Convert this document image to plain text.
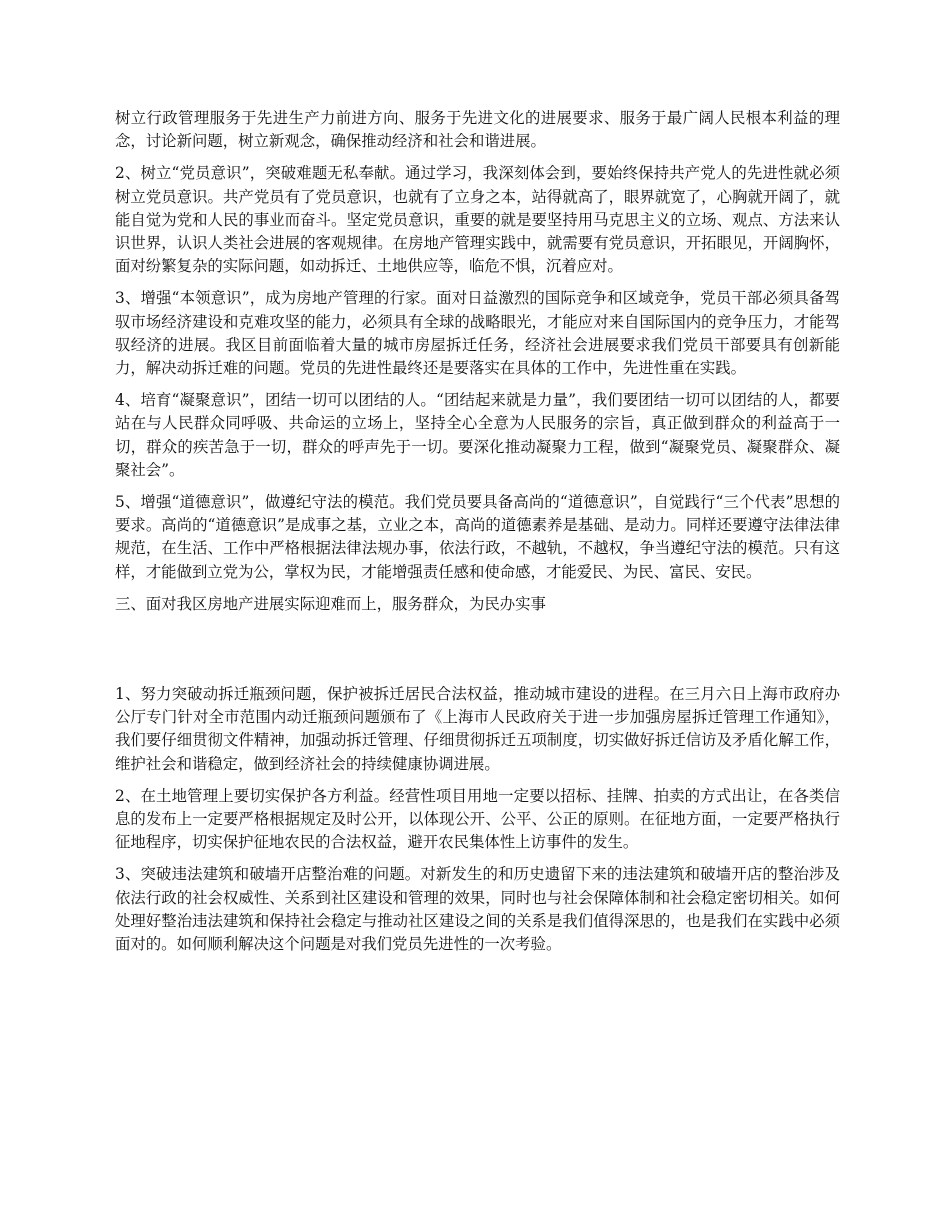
树立行政管理服务于先进生产力前进方向、服务于先进文化的进展要求、服务于最广阔人民根本利益的理念，讨论新问题，树立新观念，确保推动经济和社会和谐进展。

2、树立“党员意识”，突破难题无私奉献。通过学习，我深刻体会到，要始终保持共产党人的先进性就必须树立党员意识。共产党员有了党员意识，也就有了立身之本，站得就高了，眼界就宽了，心胸就开阔了，就能自觉为党和人民的事业而奋斗。坚定党员意识，重要的就是要坚持用马克思主义的立场、观点、方法来认识世界，认识人类社会进展的客观规律。在房地产管理实践中，就需要有党员意识，开拓眼见，开阔胸怀，面对纷繁复杂的实际问题，如动拆迁、土地供应等，临危不惧，沉着应对。

3、增强“本领意识”，成为房地产管理的行家。面对日益激烈的国际竞争和区域竞争，党员干部必须具备驾驭市场经济建设和克难攻坚的能力，必须具有全球的战略眼光，才能应对来自国际国内的竞争压力，才能驾驭经济的进展。我区目前面临着大量的城市房屋拆迁任务，经济社会进展要求我们党员干部要具有创新能力，解决动拆迁难的问题。党员的先进性最终还是要落实在具体的工作中，先进性重在实践。

4、培育“凝聚意识”，团结一切可以团结的人。“团结起来就是力量”，我们要团结一切可以团结的人，都要站在与人民群众同呼吸、共命运的立场上，坚持全心全意为人民服务的宗旨，真正做到群众的利益高于一切，群众的疾苦急于一切，群众的呼声先于一切。要深化推动凝聚力工程，做到“凝聚党员、凝聚群众、凝聚社会”。

5、增强“道德意识”，做遵纪守法的模范。我们党员要具备高尚的“道德意识”，自觉践行“三个代表”思想的要求。高尚的“道德意识”是成事之基，立业之本，高尚的道德素养是基础、是动力。同样还要遵守法律法律规范，在生活、工作中严格根据法律法规办事，依法行政，不越轨，不越权，争当遵纪守法的模范。只有这样，才能做到立党为公，掌权为民，才能增强责任感和使命感，才能爱民、为民、富民、安民。

三、面对我区房地产进展实际迎难而上，服务群众，为民办实事

1、努力突破动拆迁瓶颈问题，保护被拆迁居民合法权益，推动城市建设的进程。在三月六日上海市政府办公厅专门针对全市范围内动迁瓶颈问题颁布了《上海市人民政府关于进一步加强房屋拆迁管理工作通知》，我们要仔细贯彻文件精神，加强动拆迁管理、仔细贯彻拆迁五项制度，切实做好拆迁信访及矛盾化解工作，维护社会和谐稳定，做到经济社会的持续健康协调进展。

2、在土地管理上要切实保护各方利益。经营性项目用地一定要以招标、挂牌、拍卖的方式出让，在各类信息的发布上一定要严格根据规定及时公开，以体现公开、公平、公正的原则。在征地方面，一定要严格执行征地程序，切实保护征地农民的合法权益，避开农民集体性上访事件的发生。

3、突破违法建筑和破墙开店整治难的问题。对新发生的和历史遗留下来的违法建筑和破墙开店的整治涉及依法行政的社会权威性、关系到社区建设和管理的效果，同时也与社会保障体制和社会稳定密切相关。如何处理好整治违法建筑和保持社会稳定与推动社区建设之间的关系是我们值得深思的，也是我们在实践中必须面对的。如何顺利解决这个问题是对我们党员先进性的一次考验。
